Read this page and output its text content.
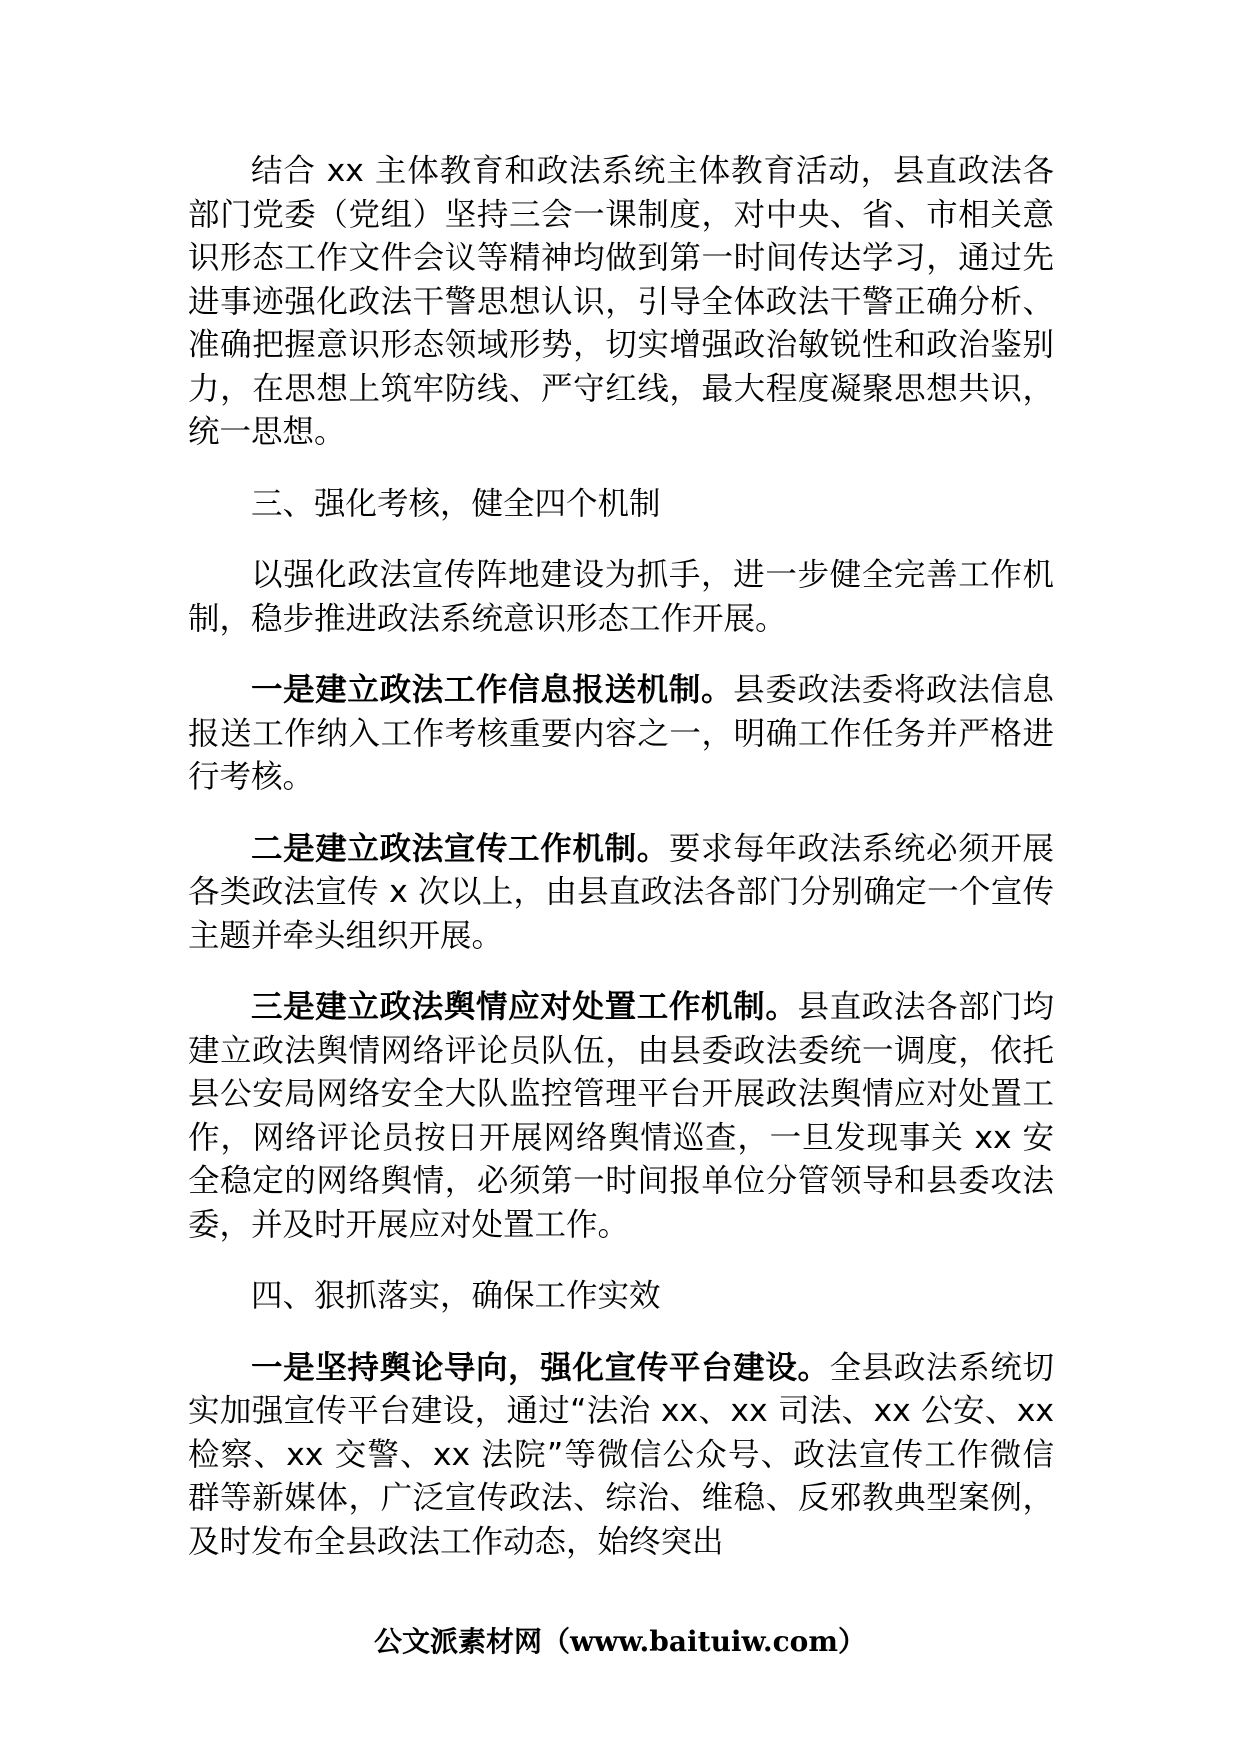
结合 xx 主体教育和政法系统主体教育活动，县直政法各部门党委（党组）坚持三会一课制度，对中央、省、市相关意识形态工作文件会议等精神均做到第一时间传达学习，通过先进事迹强化政法干警思想认识，引导全体政法干警正确分析、准确把握意识形态领域形势，切实增强政治敏锐性和政治鉴别力，在思想上筑牢防线、严守红线，最大程度凝聚思想共识，统一思想。

三、强化考核，健全四个机制

以强化政法宣传阵地建设为抓手，进一步健全完善工作机制，稳步推进政法系统意识形态工作开展。

一是建立政法工作信息报送机制。县委政法委将政法信息报送工作纳入工作考核重要内容之一，明确工作任务并严格进行考核。

二是建立政法宣传工作机制。要求每年政法系统必须开展各类政法宣传 x 次以上，由县直政法各部门分别确定一个宣传主题并牵头组织开展。

三是建立政法舆情应对处置工作机制。县直政法各部门均建立政法舆情网络评论员队伍，由县委政法委统一调度，依托县公安局网络安全大队监控管理平台开展政法舆情应对处置工作，网络评论员按日开展网络舆情巡查，一旦发现事关 xx 安全稳定的网络舆情，必须第一时间报单位分管领导和县委攻法委，并及时开展应对处置工作。

四、狠抓落实，确保工作实效

一是坚持舆论导向，强化宣传平台建设。全县政法系统切实加强宣传平台建设，通过“法治 xx、xx 司法、xx 公安、xx 检察、xx 交警、xx 法院”等微信公众号、政法宣传工作微信群等新媒体，广泛宣传政法、综治、维稳、反邪教典型案例，及时发布全县政法工作动态，始终突出

公文派素材网（www.baituiw.com）
